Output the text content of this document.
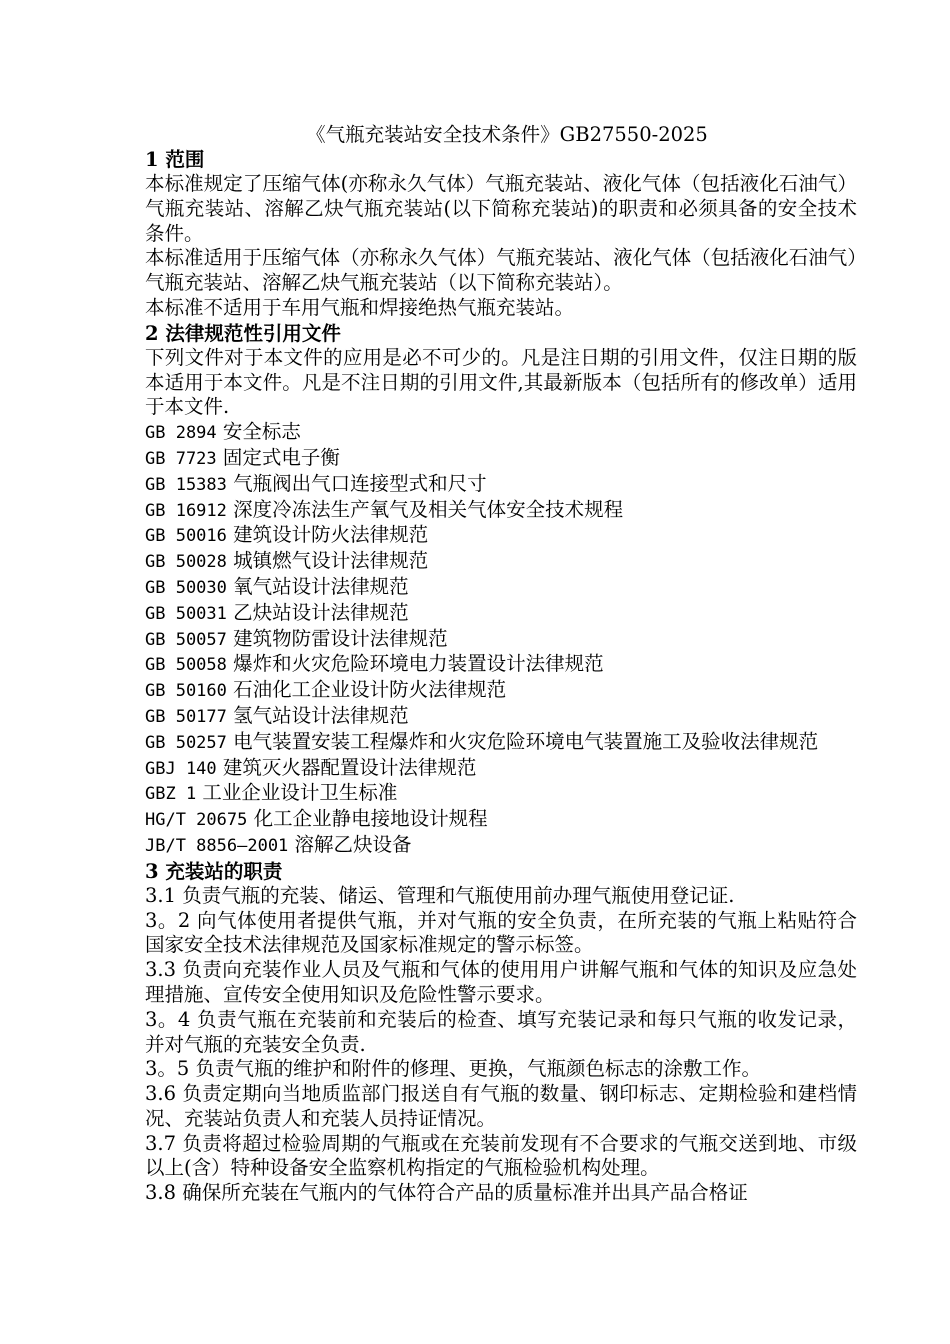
《气瓶充装站安全技术条件》GB27550-2025

1 范围

本标准规定了压缩气体(亦称永久气体）气瓶充装站、液化气体（包括液化石油气）气瓶充装站、溶解乙炔气瓶充装站(以下简称充装站)的职责和必须具备的安全技术条件。

本标准适用于压缩气体（亦称永久气体）气瓶充装站、液化气体（包括液化石油气）气瓶充装站、溶解乙炔气瓶充装站（以下简称充装站）。

本标准不适用于车用气瓶和焊接绝热气瓶充装站。

2 法律规范性引用文件

下列文件对于本文件的应用是必不可少的。凡是注日期的引用文件，仅注日期的版本适用于本文件。凡是不注日期的引用文件,其最新版本（包括所有的修改单）适用于本文件.

GB 2894 安全标志

GB 7723 固定式电子衡

GB 15383 气瓶阀出气口连接型式和尺寸

GB 16912 深度冷冻法生产氧气及相关气体安全技术规程

GB 50016 建筑设计防火法律规范

GB 50028 城镇燃气设计法律规范

GB 50030 氧气站设计法律规范

GB 50031 乙炔站设计法律规范

GB 50057 建筑物防雷设计法律规范

GB 50058 爆炸和火灾危险环境电力装置设计法律规范

GB 50160 石油化工企业设计防火法律规范

GB 50177 氢气站设计法律规范

GB 50257 电气装置安装工程爆炸和火灾危险环境电气装置施工及验收法律规范

GBJ 140 建筑灭火器配置设计法律规范

GBZ 1 工业企业设计卫生标准

HG/T 20675 化工企业静电接地设计规程

JB/T 8856—2001 溶解乙炔设备

3 充装站的职责

3.1 负责气瓶的充装、储运、管理和气瓶使用前办理气瓶使用登记证.

3。2 向气体使用者提供气瓶，并对气瓶的安全负责，在所充装的气瓶上粘贴符合国家安全技术法律规范及国家标准规定的警示标签。

3.3 负责向充装作业人员及气瓶和气体的使用用户讲解气瓶和气体的知识及应急处理措施、宣传安全使用知识及危险性警示要求。

3。4 负责气瓶在充装前和充装后的检查、填写充装记录和每只气瓶的收发记录，并对气瓶的充装安全负责.

3。5 负责气瓶的维护和附件的修理、更换，气瓶颜色标志的涂敷工作。

3.6 负责定期向当地质监部门报送自有气瓶的数量、钢印标志、定期检验和建档情况、充装站负责人和充装人员持证情况。

3.7 负责将超过检验周期的气瓶或在充装前发现有不合要求的气瓶交送到地、市级以上(含）特种设备安全监察机构指定的气瓶检验机构处理。

3.8 确保所充装在气瓶内的气体符合产品的质量标准并出具产品合格证
